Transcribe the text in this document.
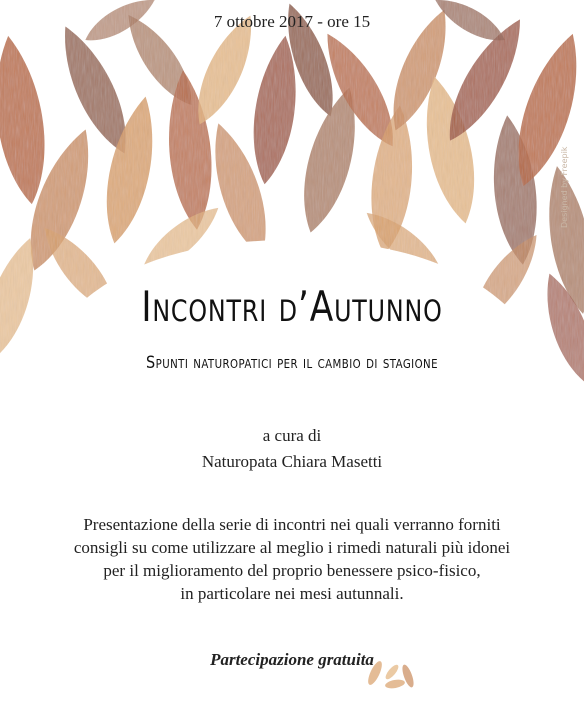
7 ottobre 2017 - ore 15
Designed by Freepik
Incontri d’Autunno
Spunti naturopatici per il cambio di stagione
a cura di
Naturopata Chiara Masetti
Presentazione della serie di incontri nei quali verranno forniti
consigli su come utilizzare al meglio i rimedi naturali più idonei
per il miglioramento del proprio benessere psico-fisico,
in particolare nei mesi autunnali.
Partecipazione gratuita
